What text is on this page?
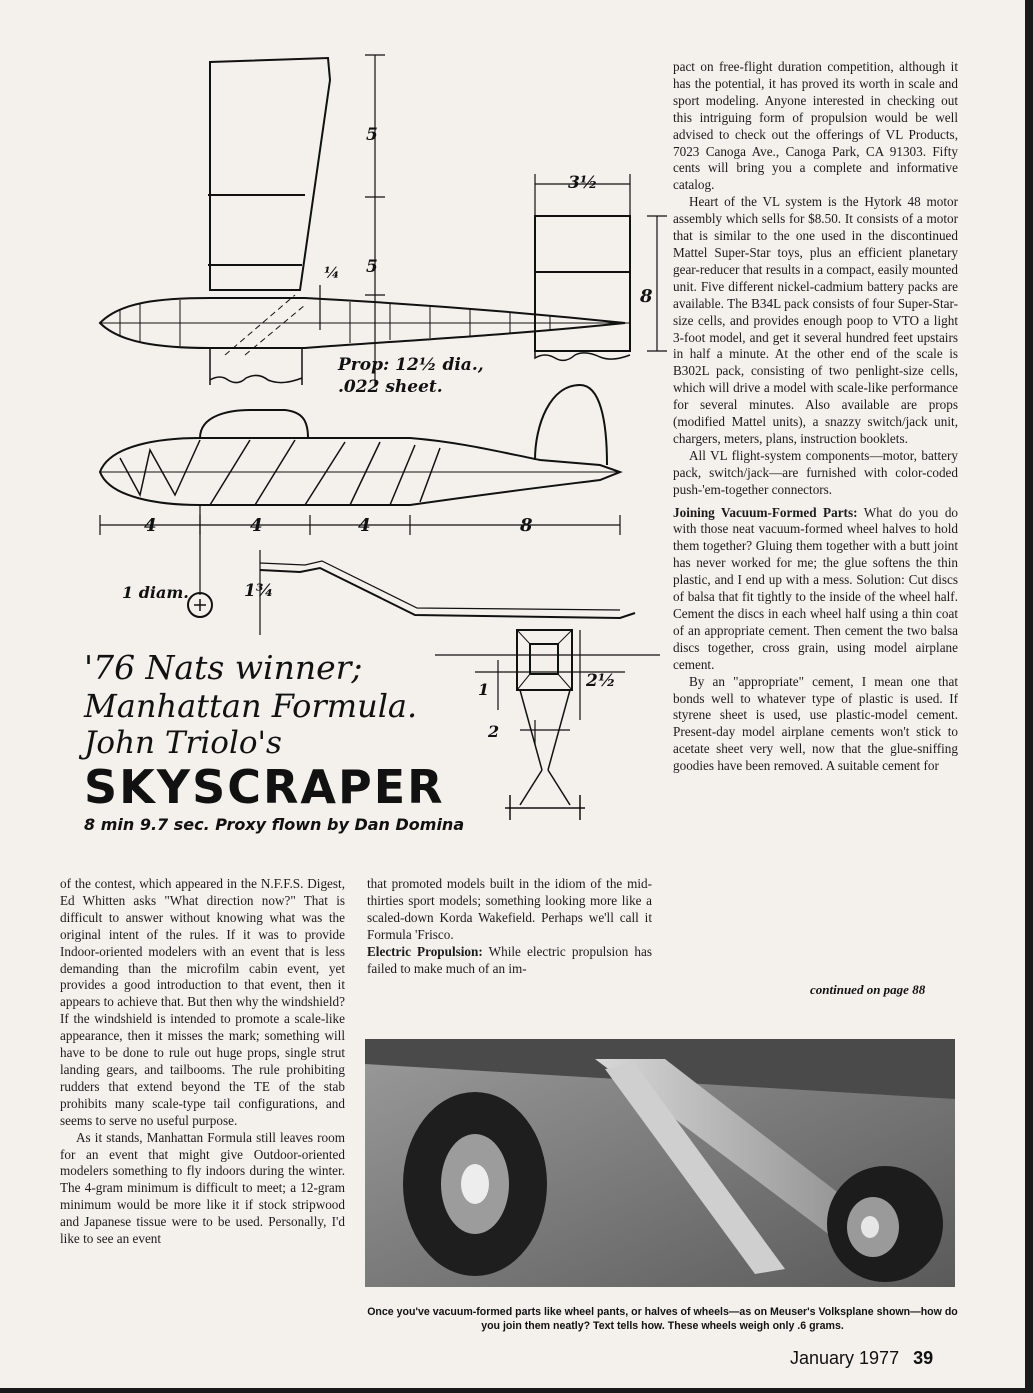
5
5
¼
3½
8
Prop: 12½ dia.,
.022 sheet.
4	4	4	8
1 diam.	1¾
2½
1
2
'76 Nats winner;
Manhattan Formula.
John Triolo's
SKYSCRAPER
8 min 9.7 sec. Proxy flown by Dan Domina

of the contest, which appeared in the N.F.F.S. Digest, Ed Whitten asks "What direction now?" That is difficult to answer without knowing what was the original intent of the rules. If it was to provide Indoor-oriented modelers with an event that is less demanding than the microfilm cabin event, yet provides a good introduction to that event, then it appears to achieve that. But then why the windshield? If the windshield is intended to promote a scale-like appearance, then it misses the mark; something will have to be done to rule out huge props, single strut landing gears, and tailbooms. The rule prohibiting rudders that extend beyond the TE of the stab prohibits many scale-type tail configurations, and seems to serve no useful purpose.

As it stands, Manhattan Formula still leaves room for an event that might give Outdoor-oriented modelers something to fly indoors during the winter. The 4-gram minimum is difficult to meet; a 12-gram minimum would be more like it if stock stripwood and Japanese tissue were to be used. Personally, I'd like to see an event

that promoted models built in the idiom of the mid-thirties sport models; something looking more like a scaled-down Korda Wakefield. Perhaps we'll call it Formula 'Frisco.

Electric Propulsion: While electric propulsion has failed to make much of an im-

pact on free-flight duration competition, although it has the potential, it has proved its worth in scale and sport modeling. Anyone interested in checking out this intriguing form of propulsion would be well advised to check out the offerings of VL Products, 7023 Canoga Ave., Canoga Park, CA 91303. Fifty cents will bring you a complete and informative catalog.

Heart of the VL system is the Hytork 48 motor assembly which sells for $8.50. It consists of a motor that is similar to the one used in the discontinued Mattel Super-Star toys, plus an efficient planetary gear-reducer that results in a compact, easily mounted unit. Five different nickel-cadmium battery packs are available. The B34L pack consists of four Super-Star-size cells, and provides enough poop to VTO a light 3-foot model, and get it several hundred feet upstairs in half a minute. At the other end of the scale is B302L pack, consisting of two penlight-size cells, which will drive a model with scale-like performance for several minutes. Also available are props (modified Mattel units), a snazzy switch/jack unit, chargers, meters, plans, instruction booklets.

All VL flight-system components—motor, battery pack, switch/jack—are furnished with color-coded push-'em-together connectors.

Joining Vacuum-Formed Parts: What do you do with those neat vacuum-formed wheel halves to hold them together? Gluing them together with a butt joint has never worked for me; the glue softens the thin plastic, and I end up with a mess. Solution: Cut discs of balsa that fit tightly to the inside of the wheel half. Cement the discs in each wheel half using a thin coat of an appropriate cement. Then cement the two balsa discs together, cross grain, using model airplane cement.

By an "appropriate" cement, I mean one that bonds well to whatever type of plastic is used. If styrene sheet is used, use plastic-model cement. Present-day model airplane cements won't stick to acetate sheet very well, now that the glue-sniffing goodies have been removed. A suitable cement for

continued on page 88
Once you've vacuum-formed parts like wheel pants, or halves of wheels—as on Meuser's Volksplane shown—how do you join them neatly? Text tells how. These wheels weigh only .6 grams.
January 1977 39
